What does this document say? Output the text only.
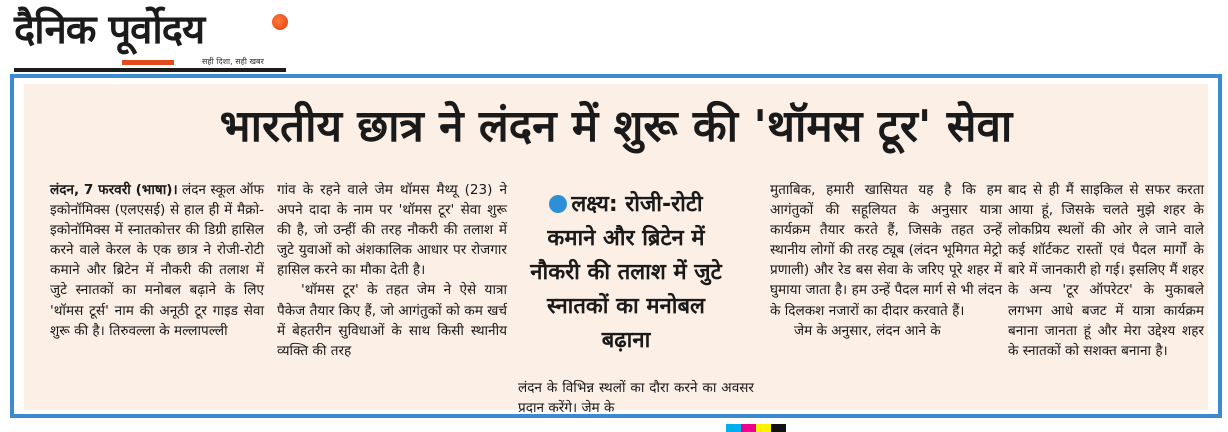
दैनिक पूर्वोदय
सही दिशा, सही खबर
भारतीय छात्र ने लंदन में शुरू की 'थॉमस टूर' सेवा

लंदन, 7 फरवरी (भाषा)। लंदन स्कूल ऑफ इकोनॉमिक्स (एलएसई) से हाल ही में मैक्रो-इकोनॉमिक्स में स्नातकोत्तर की डिग्री हासिल करने वाले केरल के एक छात्र ने रोजी-रोटी कमाने और ब्रिटेन में नौकरी की तलाश में जुटे स्नातकों का मनोबल बढ़ाने के लिए 'थॉमस टूर्स' नाम की अनूठी टूर गाइड सेवा शुरू की है। तिरुवल्ला के मल्लापल्ली

गांव के रहने वाले जेम थॉमस मैथ्यू (23) ने अपने दादा के नाम पर 'थॉमस टूर' सेवा शुरू की है, जो उन्हीं की तरह नौकरी की तलाश में जुटे युवाओं को अंशकालिक आधार पर रोजगार हासिल करने का मौका देती है।

'थॉमस टूर' के तहत जेम ने ऐसे यात्रा पैकेज तैयार किए हैं, जो आगंतुकों को कम खर्च में बेहतरीन सुविधाओं के साथ किसी स्थानीय व्यक्ति की तरह

लक्ष्य: रोजी-रोटी कमाने और ब्रिटेन में नौकरी की तलाश में जुटे स्नातकों का मनोबल बढ़ाना
लंदन के विभिन्न स्थलों का दौरा करने का अवसर प्रदान करेंगे। जेम के

मुताबिक, हमारी खासियत यह है कि हम आगंतुकों की सहूलियत के अनुसार यात्रा कार्यक्रम तैयार करते हैं, जिसके तहत उन्हें स्थानीय लोगों की तरह ट्यूब (लंदन भूमिगत मेट्रो प्रणाली) और रेड बस सेवा के जरिए पूरे शहर में घुमाया जाता है। हम उन्हें पैदल मार्ग से भी लंदन के दिलकश नजारों का दीदार करवाते हैं।

जेम के अनुसार, लंदन आने के

बाद से ही मैं साइकिल से सफर करता आया हूं, जिसके चलते मुझे शहर के लोकप्रिय स्थलों की ओर ले जाने वाले कई शॉर्टकट रास्तों एवं पैदल मार्गों के बारे में जानकारी हो गई। इसलिए मैं शहर के अन्य 'टूर ऑपरेटर' के मुकाबले लगभग आधे बजट में यात्रा कार्यक्रम बनाना जानता हूं और मेरा उद्देश्य शहर के स्नातकों को सशक्त बनाना है।
